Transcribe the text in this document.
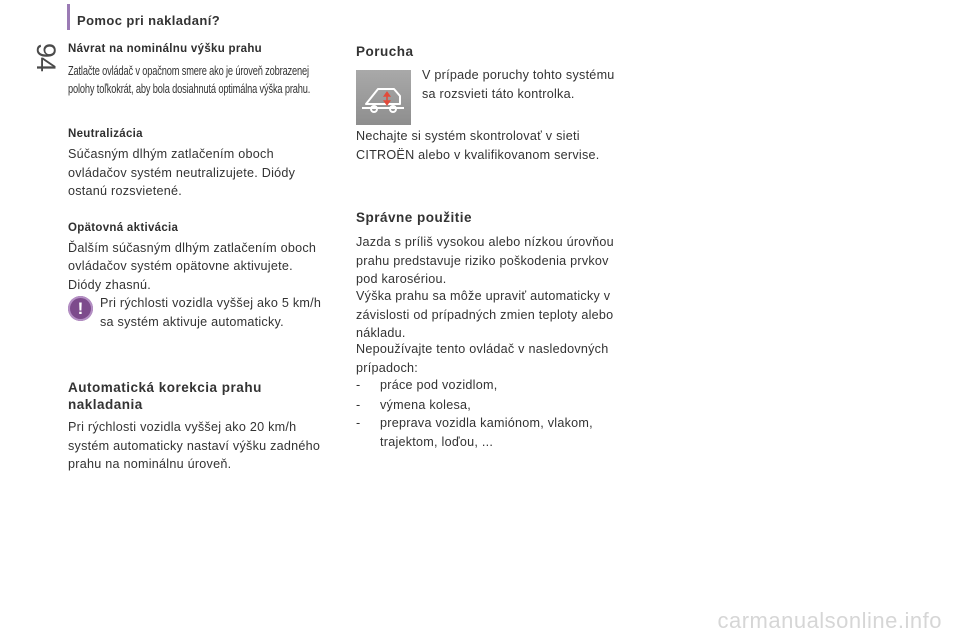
94
Pomoc pri nakladaní?
Návrat na nominálnu výšku prahu
Zatlačte ovládač v opačnom smere ako je úroveň zobrazenej
polohy toľkokrát, aby bola dosiahnutá optimálna výška prahu.
Neutralizácia
Súčasným dlhým zatlačením oboch
ovládačov systém neutralizujete. Diódy
ostanú rozsvietené.
Opätovná aktivácia
Ďalším súčasným dlhým zatlačením oboch
ovládačov systém opätovne aktivujete.
Diódy zhasnú.
!	Pri rýchlosti vozidla vyššej ako 5 km/h
sa systém aktivuje automaticky.
Automatická korekcia prahu
nakladania
Pri rýchlosti vozidla vyššej ako 20 km/h
systém automaticky nastaví výšku zadného
prahu na nominálnu úroveň.
Porucha
V prípade poruchy tohto systému
sa rozsvieti táto kontrolka.
Nechajte si systém skontrolovať v sieti
CITROËN alebo v kvalifikovanom servise.
Správne použitie
Jazda s príliš vysokou alebo nízkou úrovňou
prahu predstavuje riziko poškodenia prvkov
pod karosériou.
Výška prahu sa môže upraviť automaticky v
závislosti od prípadných zmien teploty alebo
nákladu.
Nepoužívajte tento ovládač v nasledovných
prípadoch:
- práce pod vozidlom,
- výmena kolesa,
- preprava vozidla kamiónom, vlakom,
trajektom, loďou, ...
carmanualsonline.info
